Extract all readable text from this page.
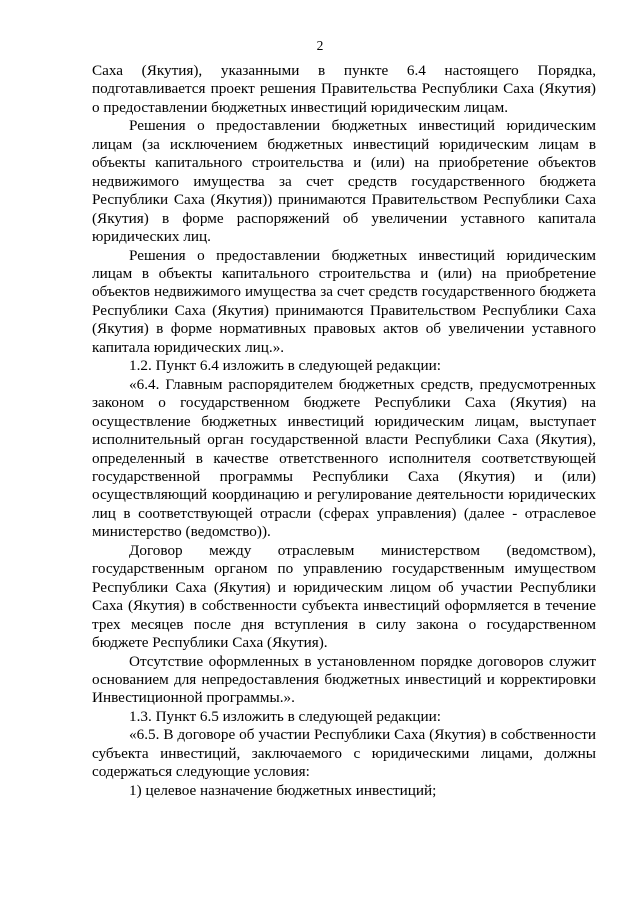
2

Саха (Якутия), указанными в пункте 6.4 настоящего Порядка, подготавливается проект решения Правительства Республики Саха (Якутия) о предоставлении бюджетных инвестиций юридическим лицам.

Решения о предоставлении бюджетных инвестиций юридическим лицам (за исключением бюджетных инвестиций юридическим лицам в объекты капитального строительства и (или) на приобретение объектов недвижимого имущества за счет средств государственного бюджета Республики Саха (Якутия)) принимаются Правительством Республики Саха (Якутия) в форме распоряжений об увеличении уставного капитала юридических лиц.

Решения о предоставлении бюджетных инвестиций юридическим лицам в объекты капитального строительства и (или) на приобретение объектов недвижимого имущества за счет средств государственного бюджета Республики Саха (Якутия) принимаются Правительством Республики Саха (Якутия) в форме нормативных правовых актов об увеличении уставного капитала юридических лиц.».

1.2. Пункт 6.4 изложить в следующей редакции:

«6.4. Главным распорядителем бюджетных средств, предусмотренных законом о государственном бюджете Республики Саха (Якутия) на осуществление бюджетных инвестиций юридическим лицам, выступает исполнительный орган государственной власти Республики Саха (Якутия), определенный в качестве ответственного исполнителя соответствующей государственной программы Республики Саха (Якутия) и (или) осуществляющий координацию и регулирование деятельности юридических лиц в соответствующей отрасли (сферах управления) (далее - отраслевое министерство (ведомство)).

Договор между отраслевым министерством (ведомством), государственным органом по управлению государственным имуществом Республики Саха (Якутия) и юридическим лицом об участии Республики Саха (Якутия) в собственности субъекта инвестиций оформляется в течение трех месяцев после дня вступления в силу закона о государственном бюджете Республики Саха (Якутия).

Отсутствие оформленных в установленном порядке договоров служит основанием для непредоставления бюджетных инвестиций и корректировки Инвестиционной программы.».

1.3. Пункт 6.5 изложить в следующей редакции:

«6.5. В договоре об участии Республики Саха (Якутия) в собственности субъекта инвестиций, заключаемого с юридическими лицами, должны содержаться следующие условия:

1) целевое назначение бюджетных инвестиций;
